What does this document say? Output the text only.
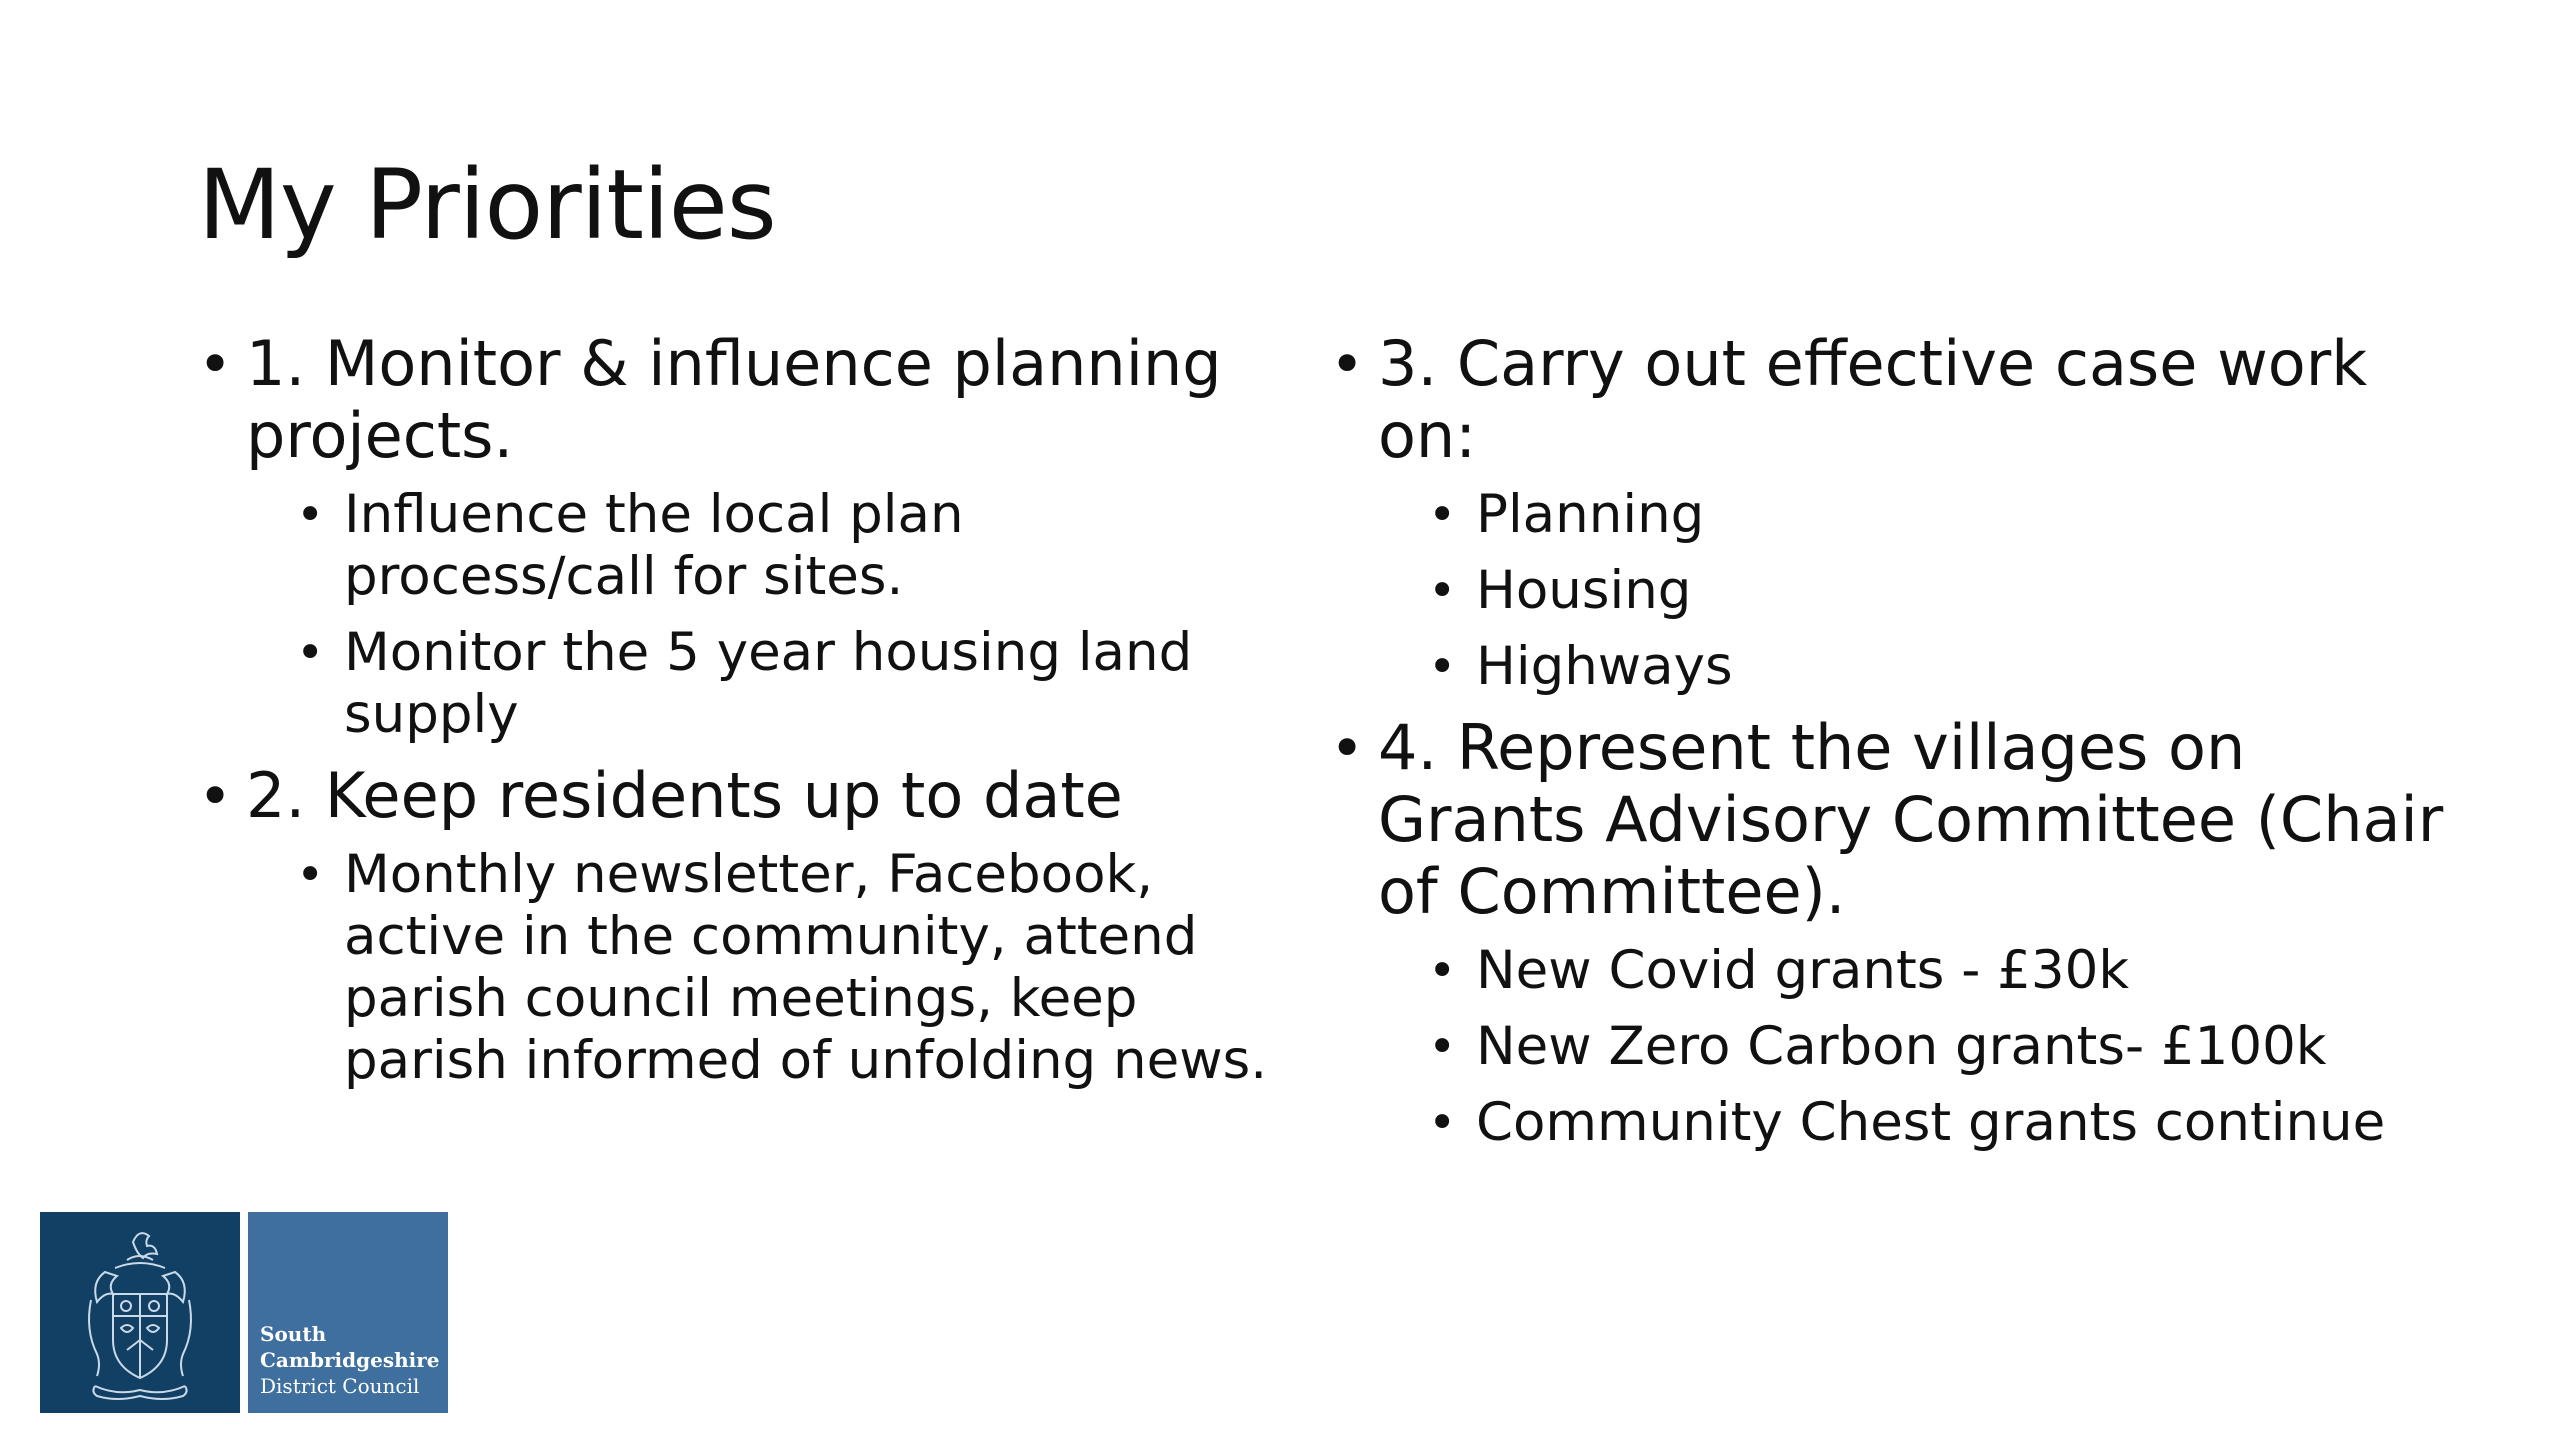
My Priorities
• 1. Monitor & influence planning projects.
• Influence the local plan process/call for sites.
• Monitor the 5 year housing land supply
• 2. Keep residents up to date
• Monthly newsletter, Facebook, active in the community, attend parish council meetings, keep parish informed of unfolding news.
• 3. Carry out effective case work on:
• Planning
• Housing
• Highways
• 4. Represent the villages on Grants Advisory Committee (Chair of Committee).
• New Covid grants - £30k
• New Zero Carbon grants- £100k
• Community Chest grants continue
South
Cambridgeshire
District Council
